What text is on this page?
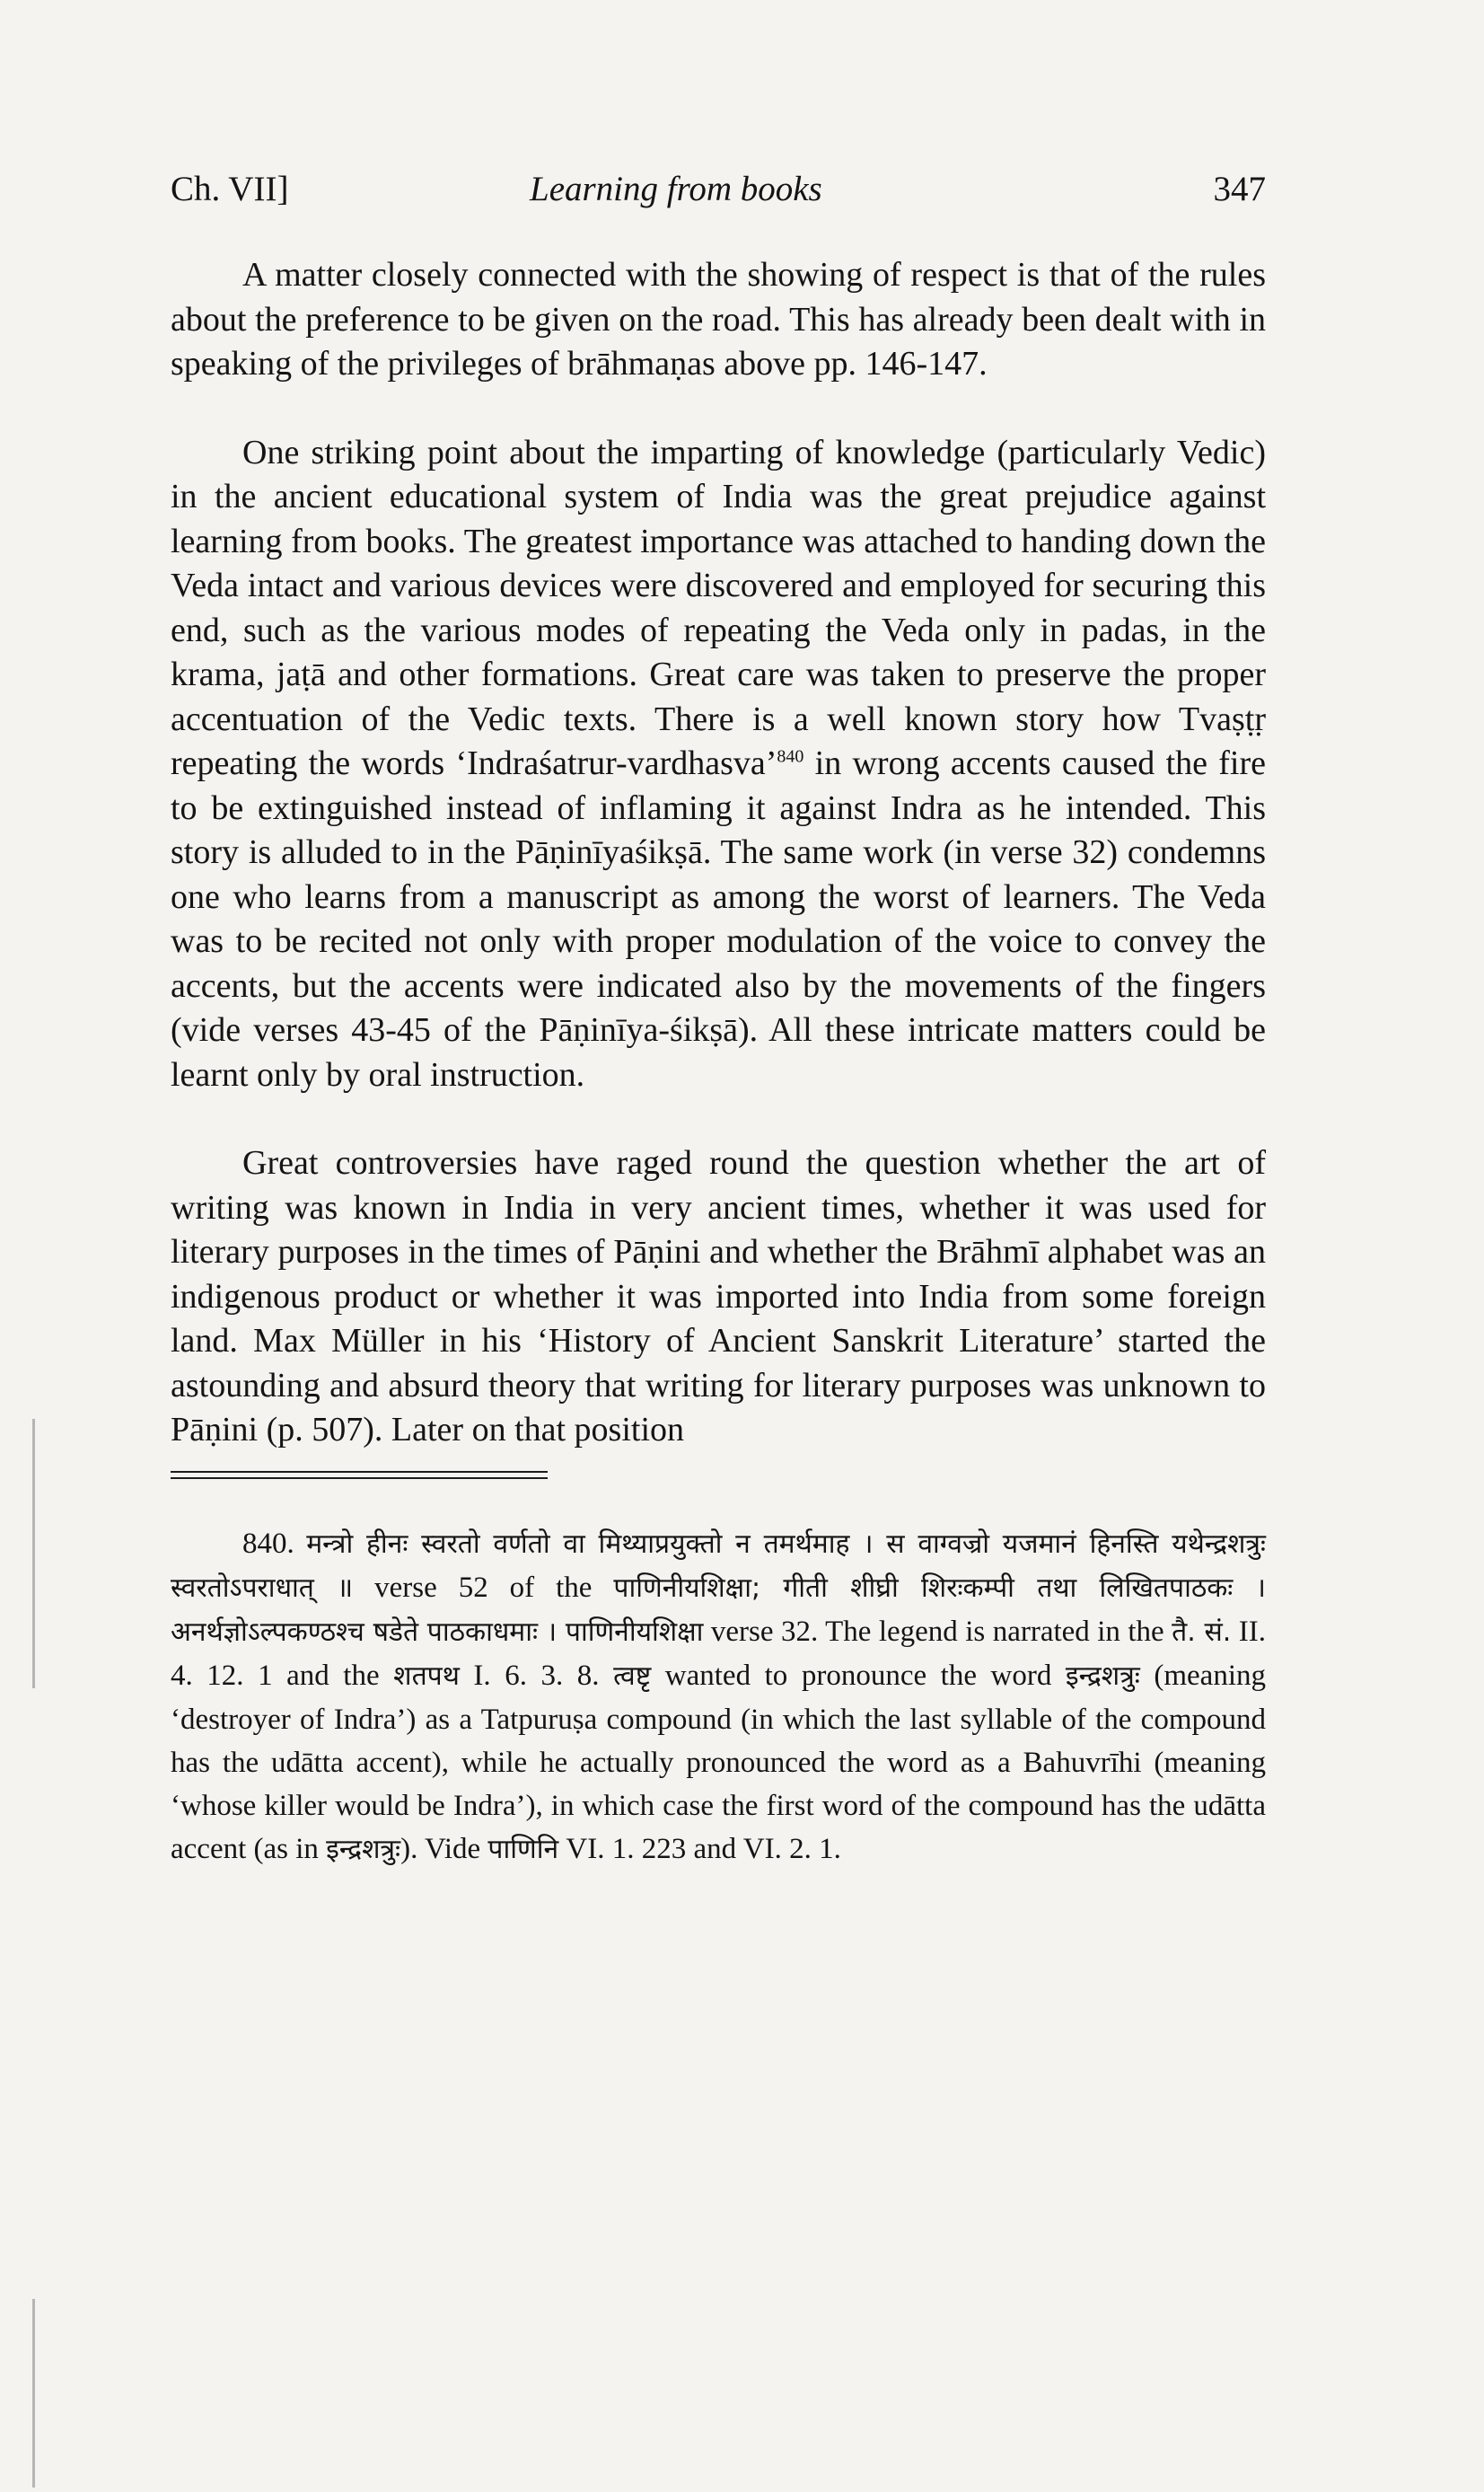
Ch. VII]	Learning from books	347

A matter closely connected with the showing of respect is that of the rules about the preference to be given on the road. This has already been dealt with in speaking of the privileges of brāhmaṇas above pp. 146-147.

One striking point about the imparting of knowledge (particularly Vedic) in the ancient educational system of India was the great prejudice against learning from books. The greatest importance was attached to handing down the Veda intact and various devices were discovered and employed for securing this end, such as the various modes of repeating the Veda only in padas, in the krama, jaṭā and other formations. Great care was taken to preserve the proper accentuation of the Vedic texts. There is a well known story how Tvaṣṭṛ repeating the words ‘Indraśatrur-vardhasva’$^{840}$ in wrong accents caused the fire to be extinguished instead of inflaming it against Indra as he intended. This story is alluded to in the Pāṇinīyaśikṣā. The same work (in verse 32) condemns one who learns from a manuscript as among the worst of learners. The Veda was to be recited not only with proper modulation of the voice to convey the accents, but the accents were indicated also by the movements of the fingers (vide verses 43-45 of the Pāṇinīya-śikṣā). All these intricate matters could be learnt only by oral instruction.

Great controversies have raged round the question whether the art of writing was known in India in very ancient times, whether it was used for literary purposes in the times of Pāṇini and whether the Brāhmī alphabet was an indigenous product or whether it was imported into India from some foreign land. Max Müller in his ‘History of Ancient Sanskrit Literature’ started the astounding and absurd theory that writing for literary purposes was unknown to Pāṇini (p. 507). Later on that position

840. मन्त्रो हीनः स्वरतो वर्णतो वा मिथ्याप्रयुक्तो न तमर्थमाह । स वाग्वज्रो यजमानं हिनस्ति यथेन्द्रशत्रुः स्वरतोऽपराधात् ॥ verse 52 of the पाणिनीयशिक्षा; गीती शीघ्री शिरःकम्पी तथा लिखितपाठकः । अनर्थज्ञोऽल्पकण्ठश्च षडेते पाठकाधमाः । पाणिनीयशिक्षा verse 32. The legend is narrated in the तै. सं. II. 4. 12. 1 and the शतपथ I. 6. 3. 8. त्वष्टृ wanted to pronounce the word इन्द्रशत्रुः (meaning ‘destroyer of Indra’) as a Tatpuruṣa compound (in which the last syllable of the compound has the udātta accent), while he actually pronounced the word as a Bahuvrīhi (meaning ‘whose killer would be Indra’), in which case the first word of the compound has the udātta accent (as in इन्द्रशत्रुः). Vide पाणिनि VI. 1. 223 and VI. 2. 1.
